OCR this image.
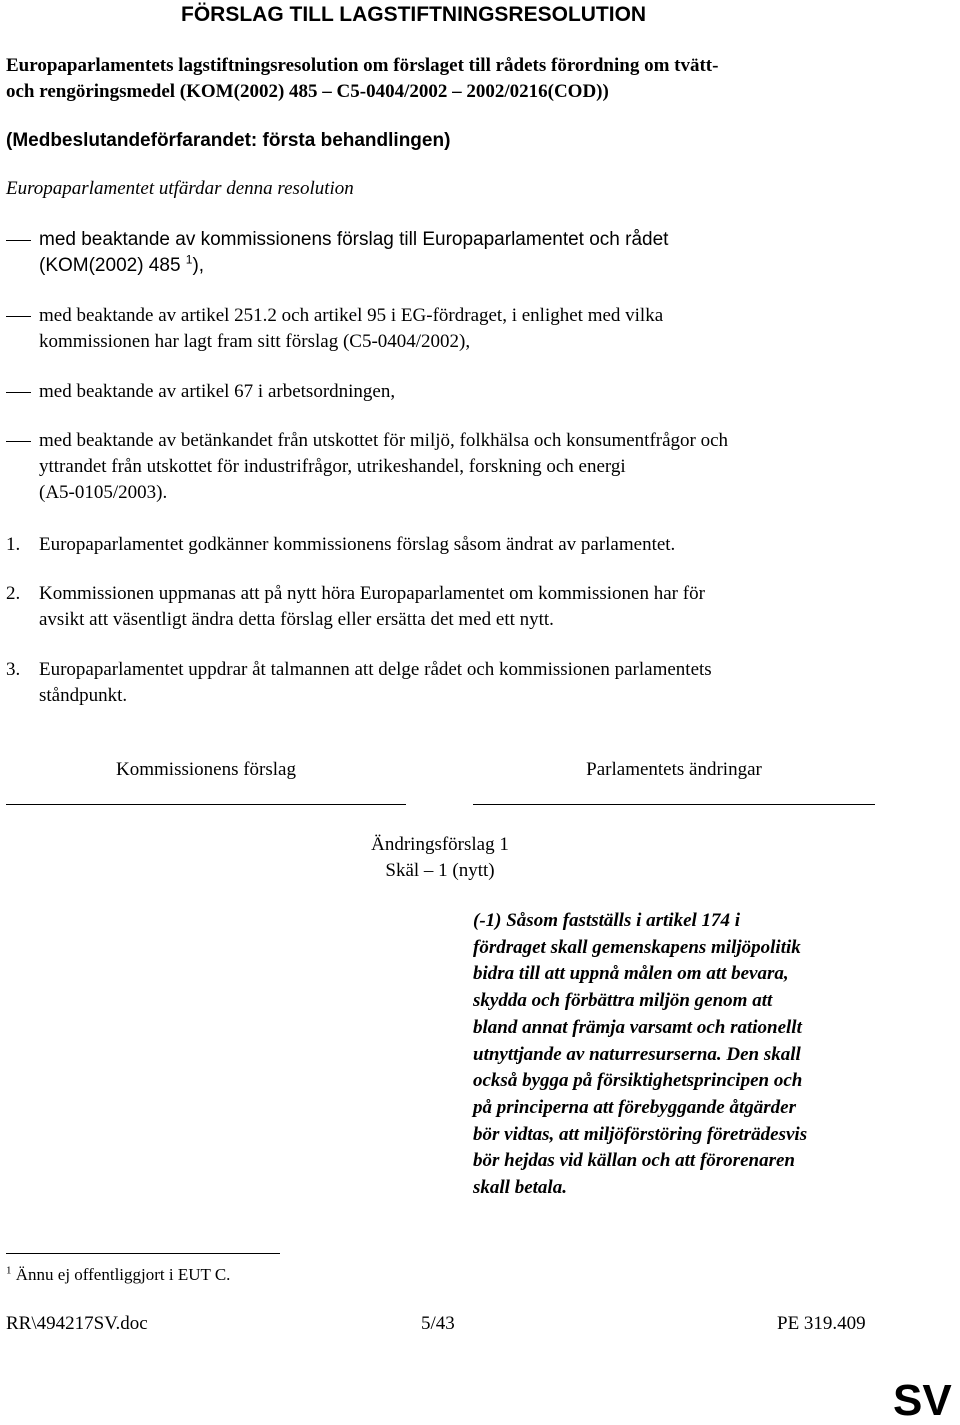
FÖRSLAG TILL LAGSTIFTNINGSRESOLUTION
Europaparlamentets lagstiftningsresolution om förslaget till rådets förordning om tvätt-
och rengöringsmedel (KOM(2002) 485 – C5-0404/2002 – 2002/0216(COD))
(Medbeslutandeförfarandet: första behandlingen)
Europaparlamentet utfärdar denna resolution
med beaktande av kommissionens förslag till Europaparlamentet och rådet
(KOM(2002) 485 $^1$),
med beaktande av artikel 251.2 och artikel 95 i EG-fördraget, i enlighet med vilka
kommissionen har lagt fram sitt förslag (C5-0404/2002),
med beaktande av artikel 67 i arbetsordningen,
med beaktande av betänkandet från utskottet för miljö, folkhälsa och konsumentfrågor och
yttrandet från utskottet för industrifrågor, utrikeshandel, forskning och energi
(A5-0105/2003).
1. Europaparlamentet godkänner kommissionens förslag såsom ändrat av parlamentet.
2. Kommissionen uppmanas att på nytt höra Europaparlamentet om kommissionen har för
avsikt att väsentligt ändra detta förslag eller ersätta det med ett nytt.
3. Europaparlamentet uppdrar åt talmannen att delge rådet och kommissionen parlamentets
ståndpunkt.
Kommissionens förslag	Parlamentets ändringar
Ändringsförslag 1
Skäl – 1 (nytt)
(-1) Såsom fastställs i artikel 174 i
fördraget skall gemenskapens miljöpolitik
bidra till att uppnå målen om att bevara,
skydda och förbättra miljön genom att
bland annat främja varsamt och rationellt
utnyttjande av naturresurserna. Den skall
också bygga på försiktighetsprincipen och
på principerna att förebyggande åtgärder
bör vidtas, att miljöförstöring företrädesvis
bör hejdas vid källan och att förorenaren
skall betala.
$^1$ Ännu ej offentliggjort i EUT C.
RR\494217SV.doc	5/43	PE 319.409
SV
